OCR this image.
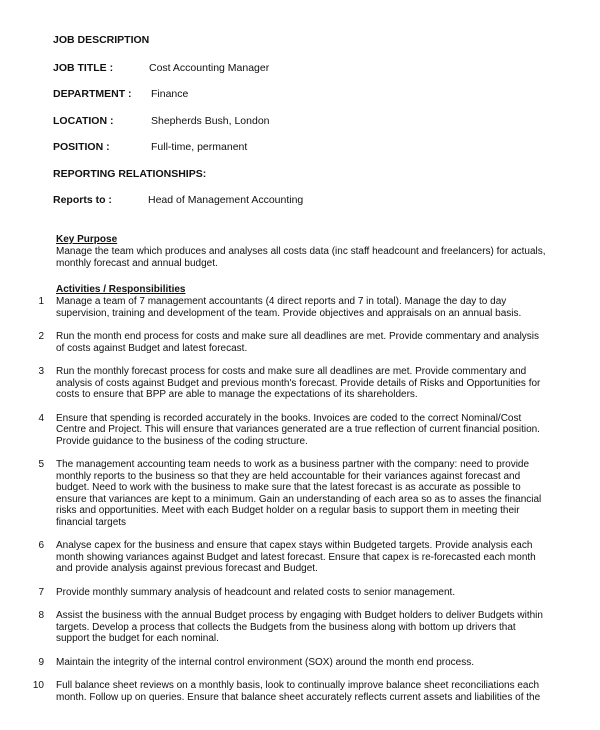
JOB DESCRIPTION
JOB TITLE :	Cost Accounting Manager
DEPARTMENT : Finance
LOCATION :	Shepherds Bush, London
POSITION :	Full-time, permanent
REPORTING RELATIONSHIPS:
Reports to :	Head of Management Accounting
Key Purpose
Manage the team which produces and analyses all costs data (inc staff headcount and freelancers) for actuals, monthly forecast and annual budget.
Activities / Responsibilities
1 Manage a team of 7 management accountants (4 direct reports and 7 in total). Manage the day to day supervision, training and development of the team. Provide objectives and appraisals on an annual basis.
2 Run the month end process for costs and make sure all deadlines are met. Provide commentary and analysis of costs against Budget and latest forecast.
3 Run the monthly forecast process for costs and make sure all deadlines are met. Provide commentary and analysis of costs against Budget and previous month's forecast. Provide details of Risks and Opportunities for costs to ensure that BPP are able to manage the expectations of its shareholders.
4 Ensure that spending is recorded accurately in the books. Invoices are coded to the correct Nominal/Cost Centre and Project. This will ensure that variances generated are a true reflection of current financial position. Provide guidance to the business of the coding structure.
5 The management accounting team needs to work as a business partner with the company: need to provide monthly reports to the business so that they are held accountable for their variances against forecast and budget. Need to work with the business to make sure that the latest forecast is as accurate as possible to ensure that variances are kept to a minimum. Gain an understanding of each area so as to asses the financial risks and opportunities. Meet with each Budget holder on a regular basis to support them in meeting their financial targets
6 Analyse capex for the business and ensure that capex stays within Budgeted targets. Provide analysis each month showing variances against Budget and latest forecast. Ensure that capex is re-forecasted each month and provide analysis against previous forecast and Budget.
7 Provide monthly summary analysis of headcount and related costs to senior management.
8 Assist the business with the annual Budget process by engaging with Budget holders to deliver Budgets within targets. Develop a process that collects the Budgets from the business along with bottom up drivers that support the budget for each nominal.
9 Maintain the integrity of the internal control environment (SOX) around the month end process.
10 Full balance sheet reviews on a monthly basis, look to continually improve balance sheet reconciliations each month. Follow up on queries. Ensure that balance sheet accurately reflects current assets and liabilities of the
